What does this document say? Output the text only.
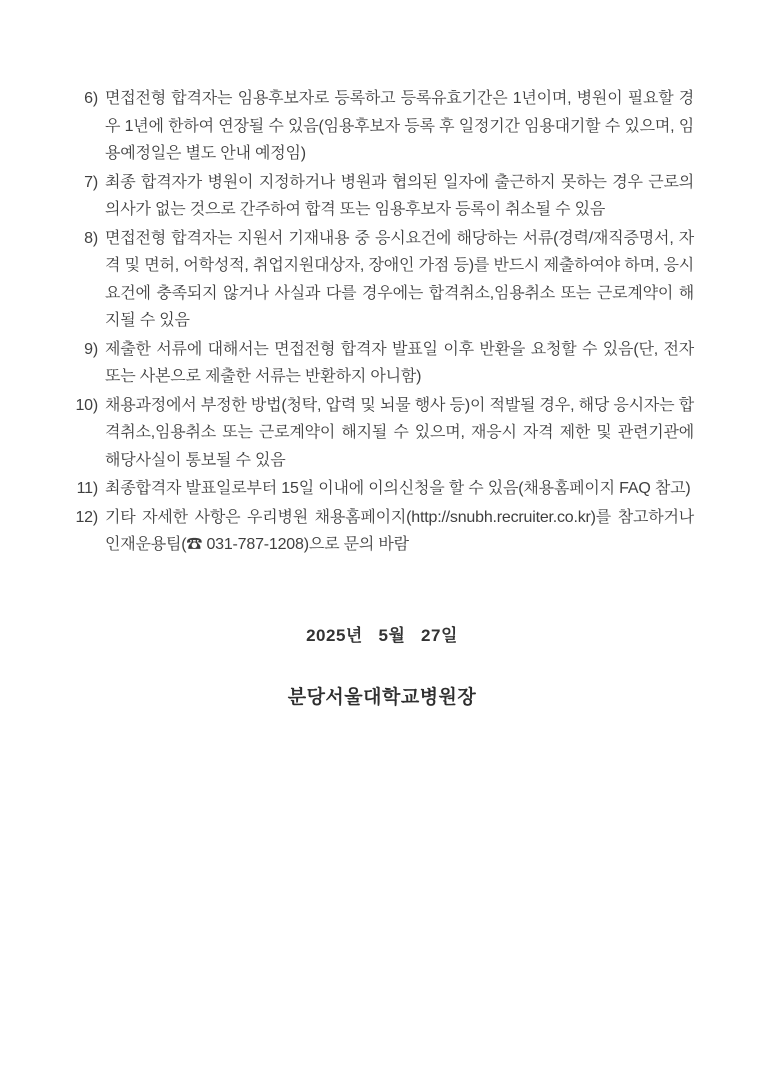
6) 면접전형 합격자는 임용후보자로 등록하고 등록유효기간은 1년이며, 병원이 필요할 경우 1년에 한하여 연장될 수 있음(임용후보자 등록 후 일정기간 임용대기할 수 있으며, 임용예정일은 별도 안내 예정임)
7) 최종 합격자가 병원이 지정하거나 병원과 협의된 일자에 출근하지 못하는 경우 근로의 의사가 없는 것으로 간주하여 합격 또는 임용후보자 등록이 취소될 수 있음
8) 면접전형 합격자는 지원서 기재내용 중 응시요건에 해당하는 서류(경력/재직증명서, 자격 및 면허, 어학성적, 취업지원대상자, 장애인 가점 등)를 반드시 제출하여야 하며, 응시요건에 충족되지 않거나 사실과 다를 경우에는 합격취소,임용취소 또는 근로계약이 해지될 수 있음
9) 제출한 서류에 대해서는 면접전형 합격자 발표일 이후 반환을 요청할 수 있음(단, 전자 또는 사본으로 제출한 서류는 반환하지 아니함)
10) 채용과정에서 부정한 방법(청탁, 압력 및 뇌물 행사 등)이 적발될 경우, 해당 응시자는 합격취소,임용취소 또는 근로계약이 해지될 수 있으며, 재응시 자격 제한 및 관련기관에 해당사실이 통보될 수 있음
11) 최종합격자 발표일로부터 15일 이내에 이의신청을 할 수 있음(채용홈페이지 FAQ 참고)
12) 기타 자세한 사항은 우리병원 채용홈페이지(http://snubh.recruiter.co.kr)를 참고하거나 인재운용팀(☎ 031-787-1208)으로 문의 바람
2025년   5월   27일
분당서울대학교병원장
